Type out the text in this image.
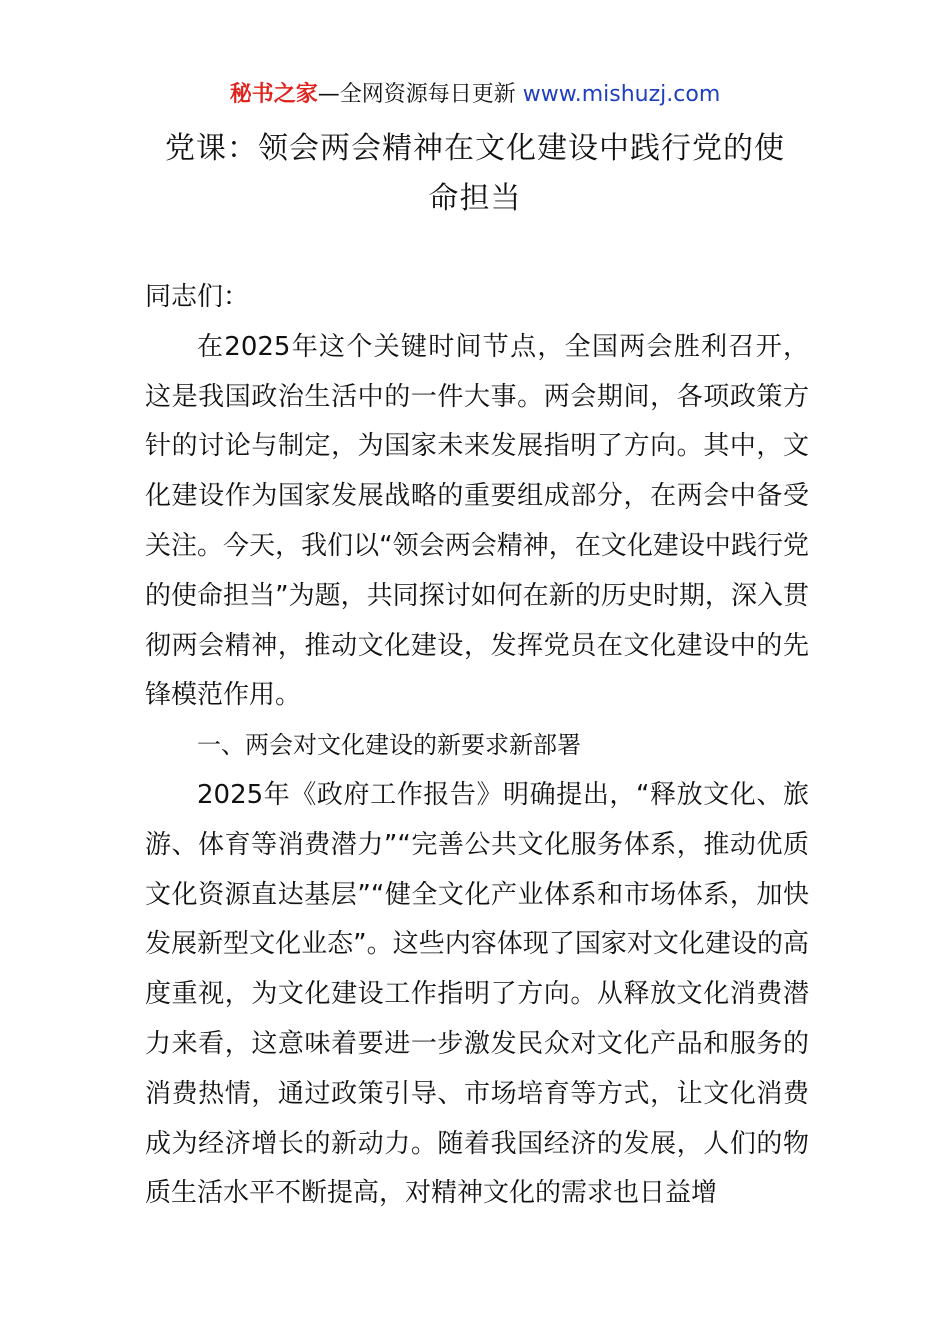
秘书之家—全网资源每日更新 www.mishuzj.com
党课：领会两会精神在文化建设中践行党的使命担当

同志们：

在2025年这个关键时间节点，全国两会胜利召开，这是我国政治生活中的一件大事。两会期间，各项政策方针的讨论与制定，为国家未来发展指明了方向。其中，文化建设作为国家发展战略的重要组成部分，在两会中备受关注。今天，我们以“领会两会精神，在文化建设中践行党的使命担当”为题，共同探讨如何在新的历史时期，深入贯彻两会精神，推动文化建设，发挥党员在文化建设中的先锋模范作用。

一、两会对文化建设的新要求新部署

2025年《政府工作报告》明确提出，“释放文化、旅游、体育等消费潜力”“完善公共文化服务体系，推动优质文化资源直达基层”“健全文化产业体系和市场体系，加快发展新型文化业态”。这些内容体现了国家对文化建设的高度重视，为文化建设工作指明了方向。从释放文化消费潜力来看，这意味着要进一步激发民众对文化产品和服务的消费热情，通过政策引导、市场培育等方式，让文化消费成为经济增长的新动力。随着我国经济的发展，人们的物质生活水平不断提高，对精神文化的需求也日益增
